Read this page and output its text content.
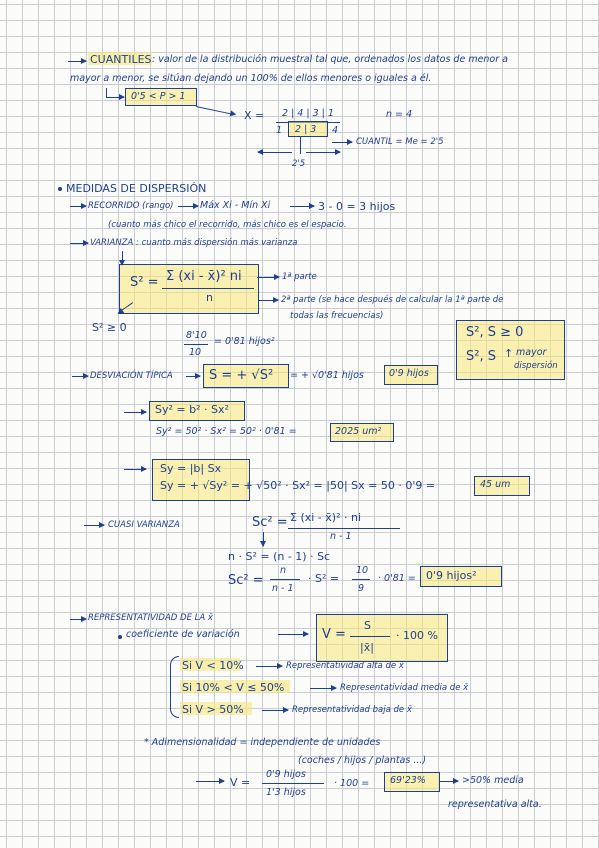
CUANTILES : valor de la distribución muestral tal que, ordenados los datos de menor a
mayor a menor, se sitúan dejando un 100% de ellos menores o iguales a él.
0'5 < P > 1
X = 2 | 4 | 3 | 1
1 2 | 3 4
n = 4
CUANTIL = Me = 2'5
2'5
MEDIDAS DE DISPERSIÓN
RECORRIDO (rango)	Máx Xi - Mín Xi	3 - 0 = 3 hijos
(cuanto más chico el recorrido, más chico es el espacio.
VARIANZA : cuanto más dispersión más varianza
S² = Σ (xi - x̄)² ni
n
1ª parte
2ª parte (se hace después de calcular la 1ª parte de
todas las frecuencias)
S² ≥ 0
8'10
10
= 0'81 hijos²
S², S ≥ 0
S², S ↑ mayor
dispersión
DESVIACIÓN TÍPICA	S = + √S² = + √0'81 hijos	0'9 hijos
Sy² = b² · Sx²
Sy² = 50² · Sx² = 50² · 0'81 =	2025 um²
Sy = |b| Sx
Sy = + √Sy² = + √50² · Sx² = |50| Sx = 50 · 0'9 =	45 um
CUASI VARIANZA	Sc² = Σ (xi - x̄)² · ni
n - 1
n · S² = (n - 1) · Sc
Sc² =
n
n - 1
· S² =
10
9
· 0'81 = 0'9 hijos²
REPRESENTATIVIDAD DE LA x̄
coeficiente de variación	V =
S
|x̄|
· 100 %
Si V < 10%	Representatividad alta de x̄
Si 10% < V ≤ 50%	Representatividad media de x̄
Si V > 50%	Representatividad baja de x̄
* Adimensionalidad = independiente de unidades
(coches / hijos / plantas ...)
V =
0'9 hijos
1'3 hijos
· 100 = 69'23%	>50% media
representativa alta.
